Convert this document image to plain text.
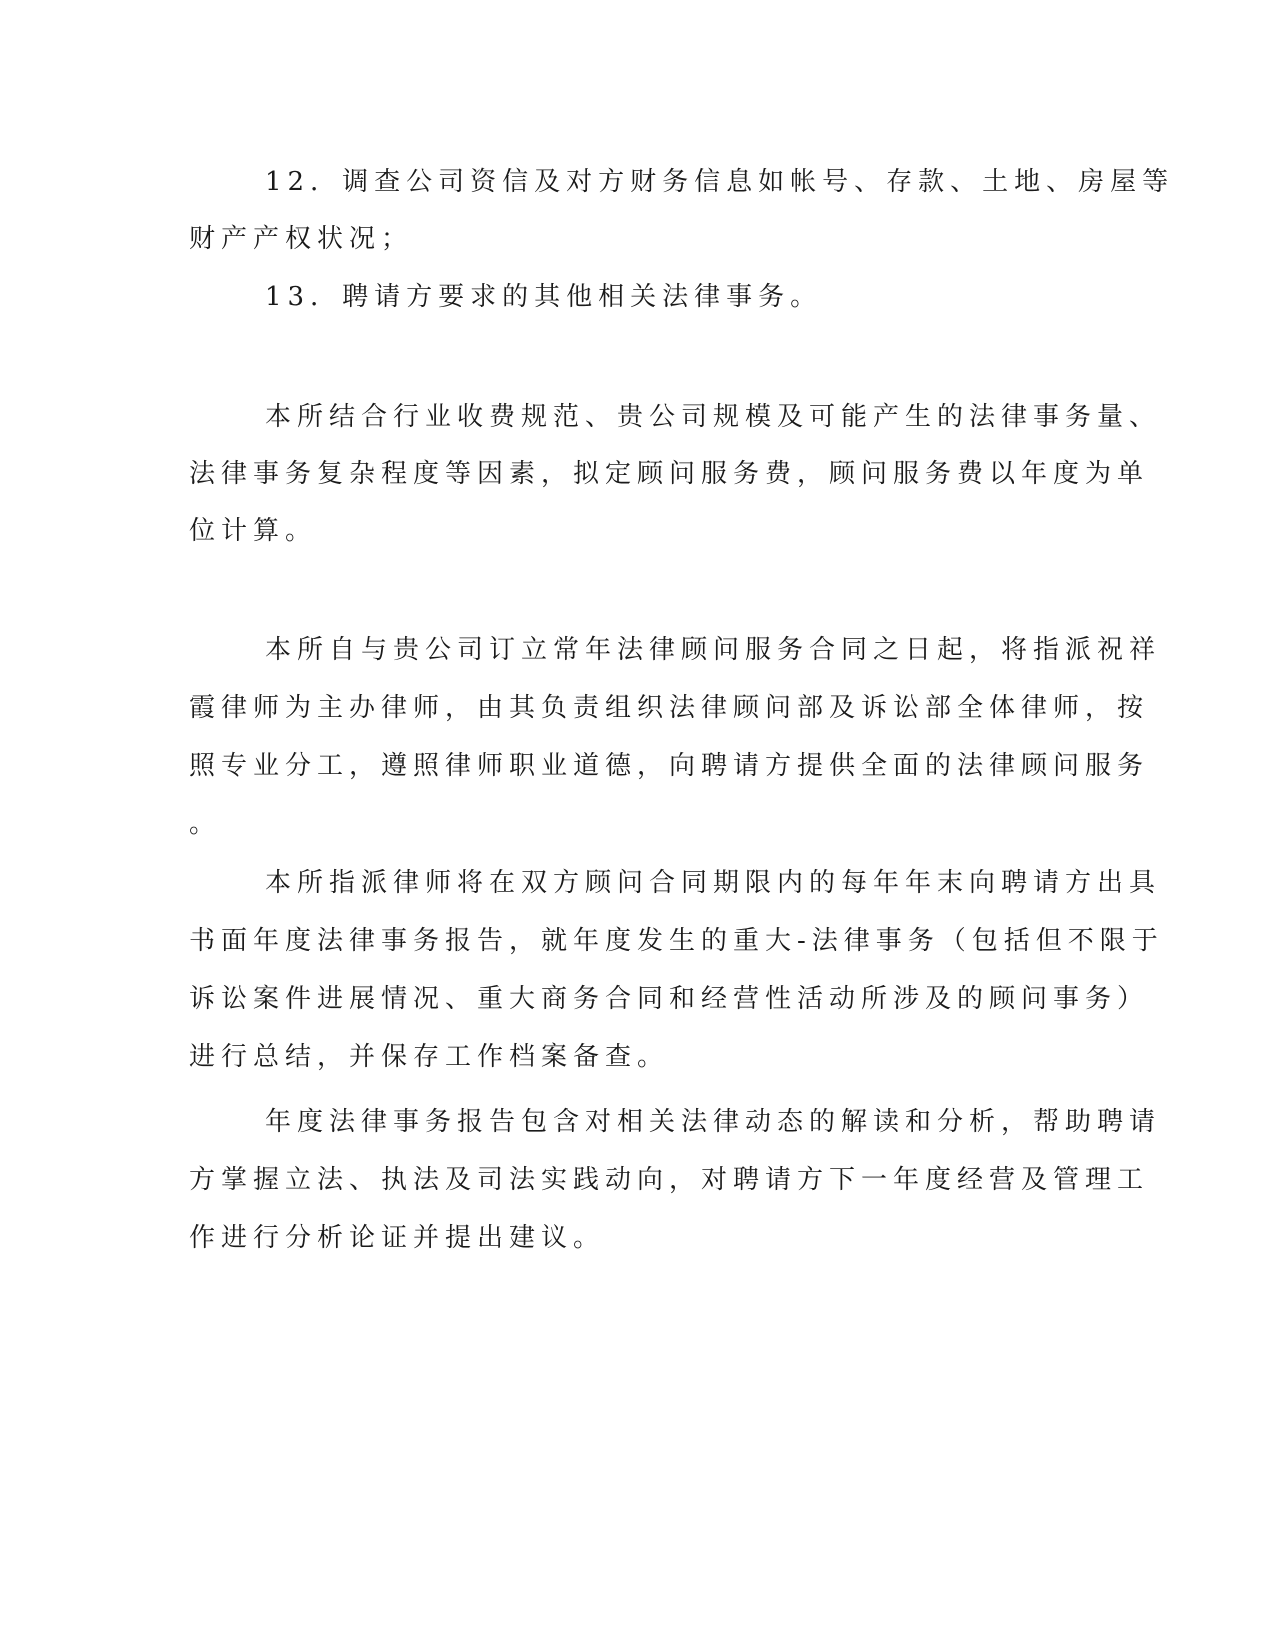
12．调查公司资信及对方财务信息如帐号、存款、土地、房屋等

财产产权状况；

13．聘请方要求的其他相关法律事务。

本所结合行业收费规范、贵公司规模及可能产生的法律事务量、

法律事务复杂程度等因素，拟定顾问服务费，顾问服务费以年度为单

位计算。

本所自与贵公司订立常年法律顾问服务合同之日起，将指派祝祥

霞律师为主办律师，由其负责组织法律顾问部及诉讼部全体律师，按

照专业分工，遵照律师职业道德，向聘请方提供全面的法律顾问服务

。

本所指派律师将在双方顾问合同期限内的每年年末向聘请方出具

书面年度法律事务报告，就年度发生的重大-法律事务（包括但不限于

诉讼案件进展情况、重大商务合同和经营性活动所涉及的顾问事务）

进行总结，并保存工作档案备查。

年度法律事务报告包含对相关法律动态的解读和分析，帮助聘请

方掌握立法、执法及司法实践动向，对聘请方下一年度经营及管理工

作进行分析论证并提出建议。
